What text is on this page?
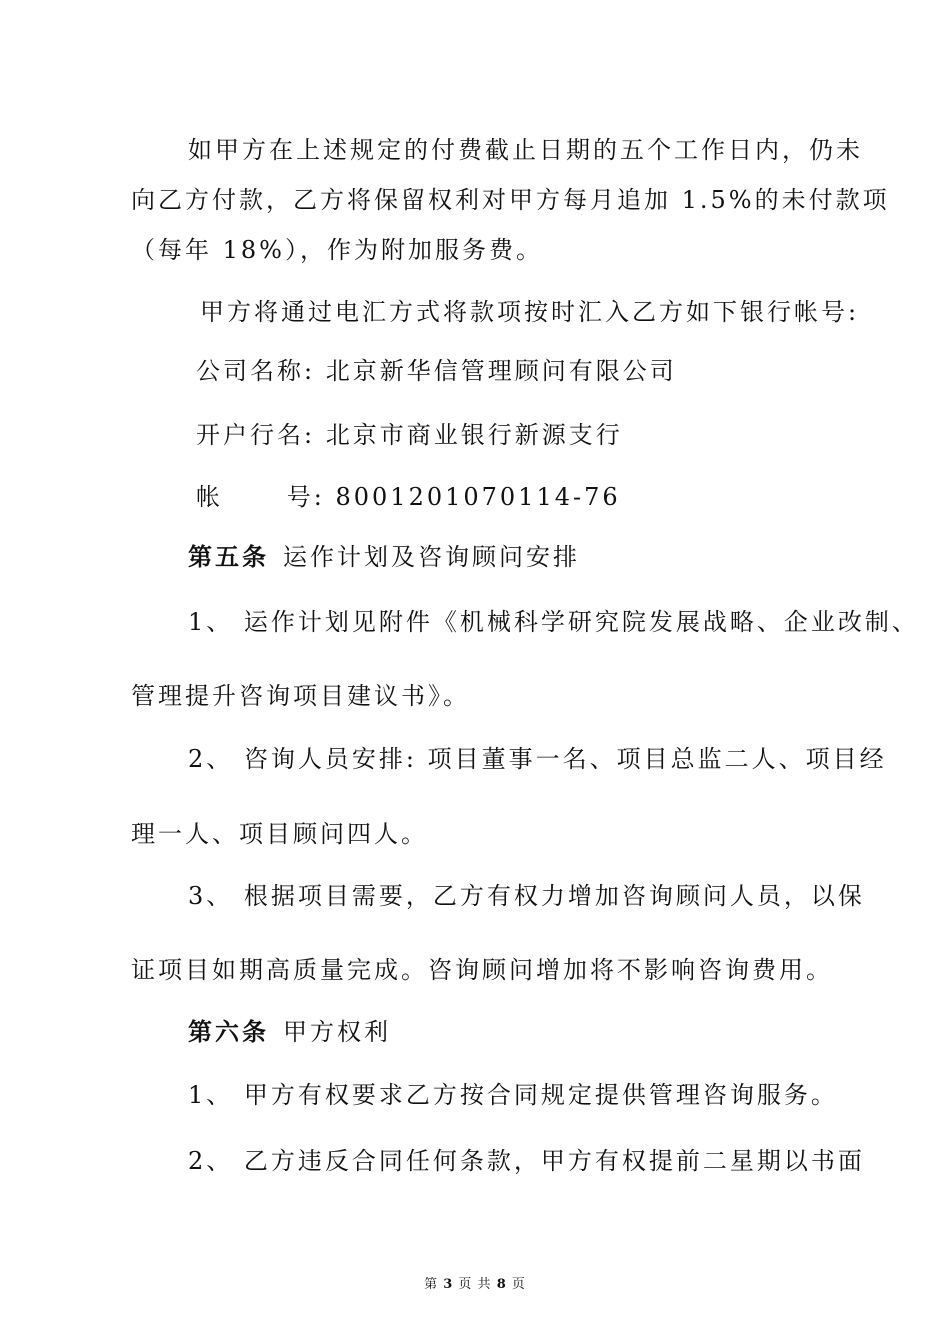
如甲方在上述规定的付费截止日期的五个工作日内，仍未
向乙方付款，乙方将保留权利对甲方每月追加 1.5%的未付款项
（每年 18%），作为附加服务费。
甲方将通过电汇方式将款项按时汇入乙方如下银行帐号:
公司名称: 北京新华信管理顾问有限公司
开户行名: 北京市商业银行新源支行
帐      号: 8001201070114-76
第五条 运作计划及咨询顾问安排
1、 运作计划见附件《机械科学研究院发展战略、企业改制、
管理提升咨询项目建议书》。
2、 咨询人员安排: 项目董事一名、项目总监二人、项目经
理一人、项目顾问四人。
3、 根据项目需要，乙方有权力增加咨询顾问人员，以保
证项目如期高质量完成。咨询顾问增加将不影响咨询费用。
第六条 甲方权利
1、 甲方有权要求乙方按合同规定提供管理咨询服务。
2、 乙方违反合同任何条款，甲方有权提前二星期以书面
第 3 页 共 8 页
